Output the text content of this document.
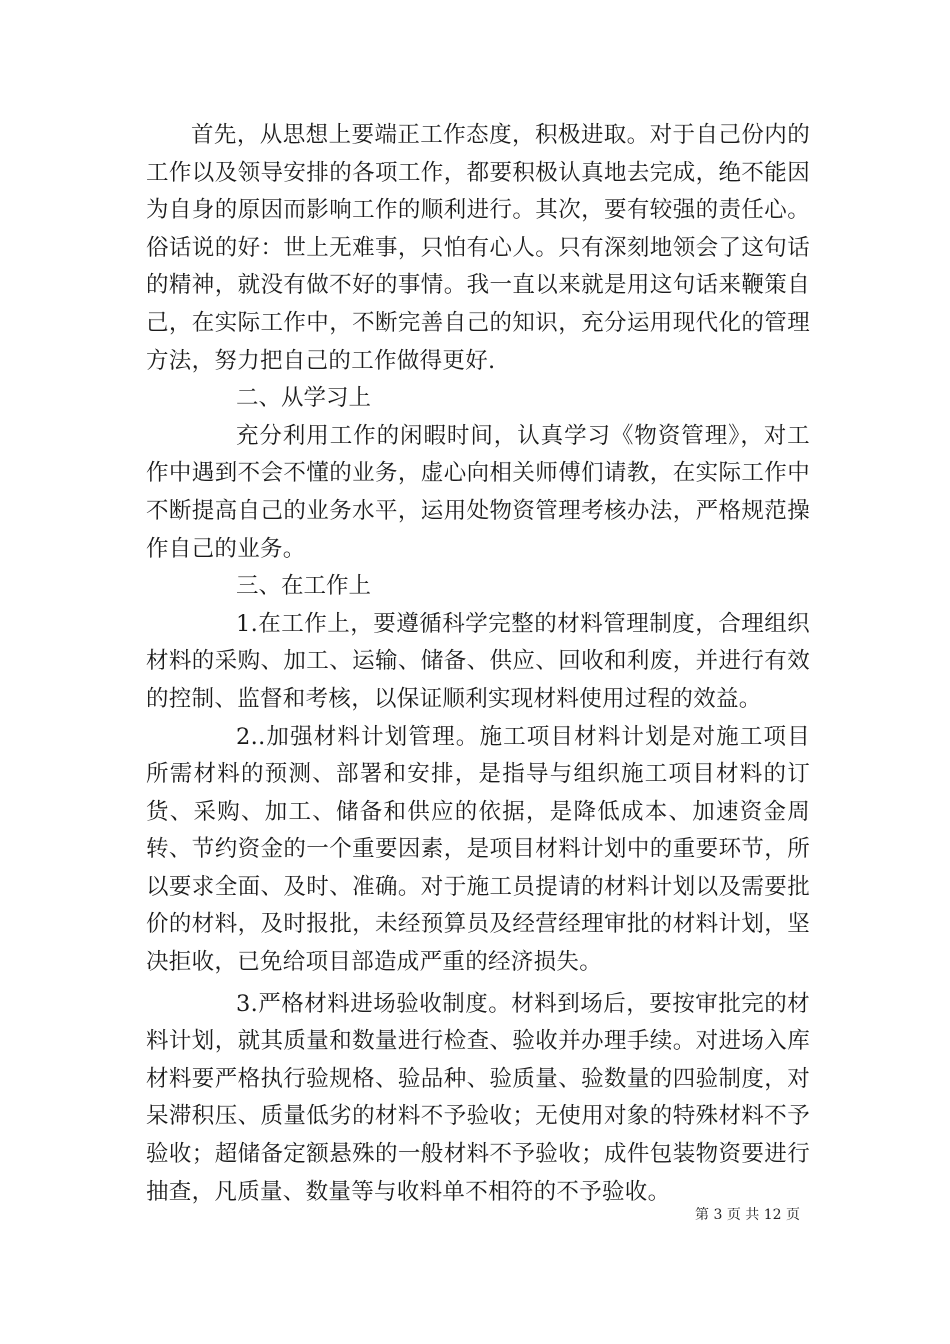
首先，从思想上要端正工作态度，积极进取。对于自己份内的工作以及领导安排的各项工作，都要积极认真地去完成，绝不能因为自身的原因而影响工作的顺利进行。其次，要有较强的责任心。俗话说的好：世上无难事，只怕有心人。只有深刻地领会了这句话的精神，就没有做不好的事情。我一直以来就是用这句话来鞭策自己，在实际工作中，不断完善自己的知识，充分运用现代化的管理方法，努力把自己的工作做得更好.

二、从学习上

充分利用工作的闲暇时间，认真学习《物资管理》，对工作中遇到不会不懂的业务，虚心向相关师傅们请教，在实际工作中不断提高自己的业务水平，运用处物资管理考核办法，严格规范操作自己的业务。

三、在工作上

1.在工作上，要遵循科学完整的材料管理制度，合理组织材料的采购、加工、运输、储备、供应、回收和利废，并进行有效的控制、监督和考核，以保证顺利实现材料使用过程的效益。

2..加强材料计划管理。施工项目材料计划是对施工项目所需材料的预测、部署和安排，是指导与组织施工项目材料的订货、采购、加工、储备和供应的依据，是降低成本、加速资金周转、节约资金的一个重要因素，是项目材料计划中的重要环节，所以要求全面、及时、准确。对于施工员提请的材料计划以及需要批价的材料，及时报批，未经预算员及经营经理审批的材料计划，坚决拒收，已免给项目部造成严重的经济损失。

3.严格材料进场验收制度。材料到场后，要按审批完的材料计划，就其质量和数量进行检查、验收并办理手续。对进场入库材料要严格执行验规格、验品种、验质量、验数量的四验制度，对呆滞积压、质量低劣的材料不予验收；无使用对象的特殊材料不予验收；超储备定额悬殊的一般材料不予验收；成件包装物资要进行抽查，凡质量、数量等与收料单不相符的不予验收。

第 3 页 共 12 页
